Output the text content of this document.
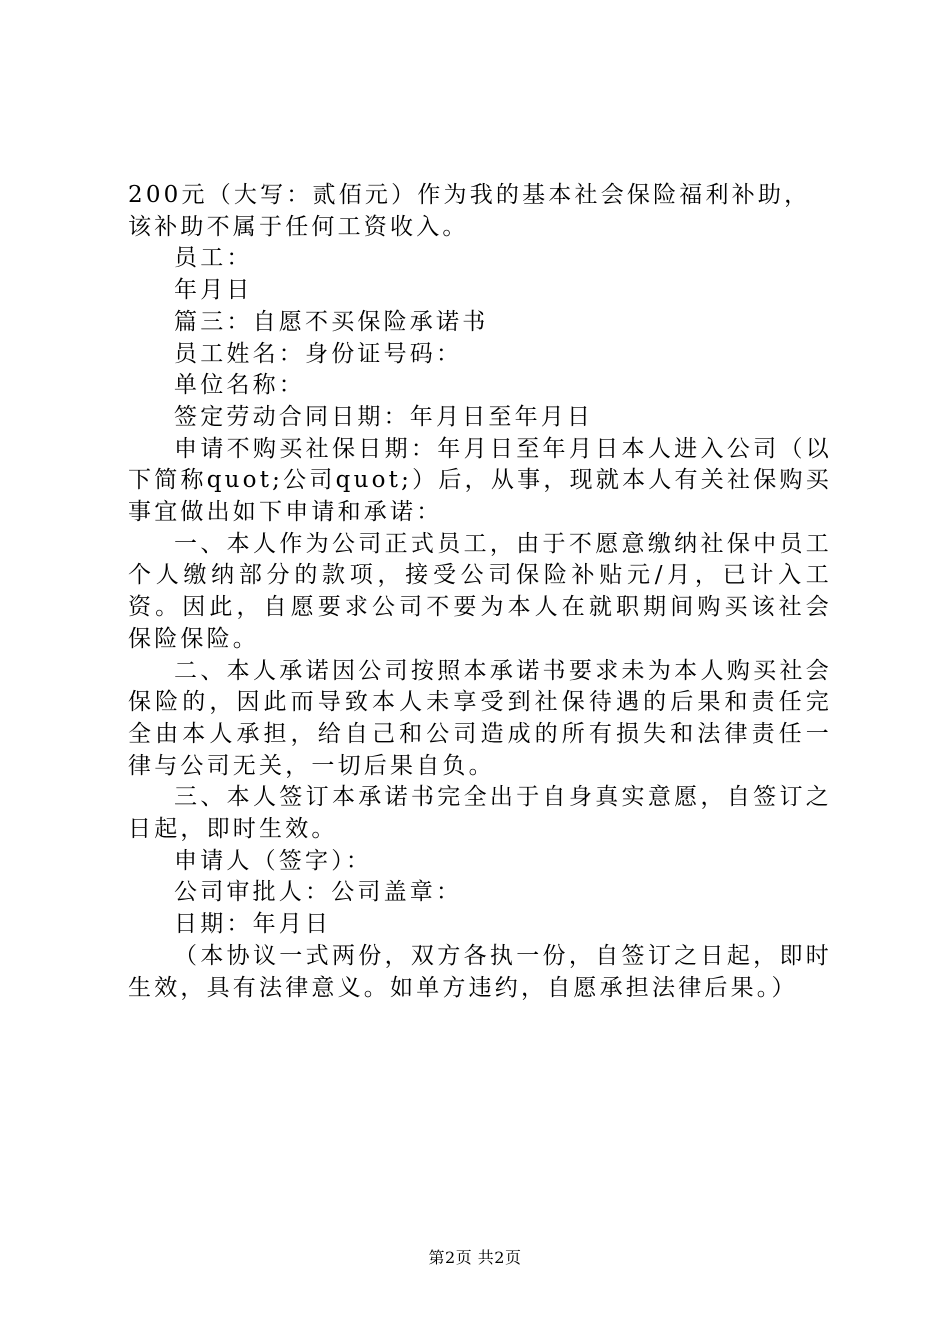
200元（大写：贰佰元）作为我的基本社会保险福利补助，该补助不属于任何工资收入。

员工：

年月日

篇三：自愿不买保险承诺书

员工姓名：身份证号码：

单位名称：

签定劳动合同日期：年月日至年月日

申请不购买社保日期：年月日至年月日本人进入公司（以下简称quot;公司quot;）后，从事，现就本人有关社保购买事宜做出如下申请和承诺：

一、本人作为公司正式员工，由于不愿意缴纳社保中员工个人缴纳部分的款项，接受公司保险补贴元/月，已计入工资。因此，自愿要求公司不要为本人在就职期间购买该社会保险保险。

二、本人承诺因公司按照本承诺书要求未为本人购买社会保险的，因此而导致本人未享受到社保待遇的后果和责任完全由本人承担，给自己和公司造成的所有损失和法律责任一律与公司无关，一切后果自负。

三、本人签订本承诺书完全出于自身真实意愿，自签订之日起，即时生效。

申请人（签字）：

公司审批人：公司盖章：

日期：年月日

（本协议一式两份，双方各执一份，自签订之日起，即时生效，具有法律意义。如单方违约，自愿承担法律后果。）

第2页 共2页
